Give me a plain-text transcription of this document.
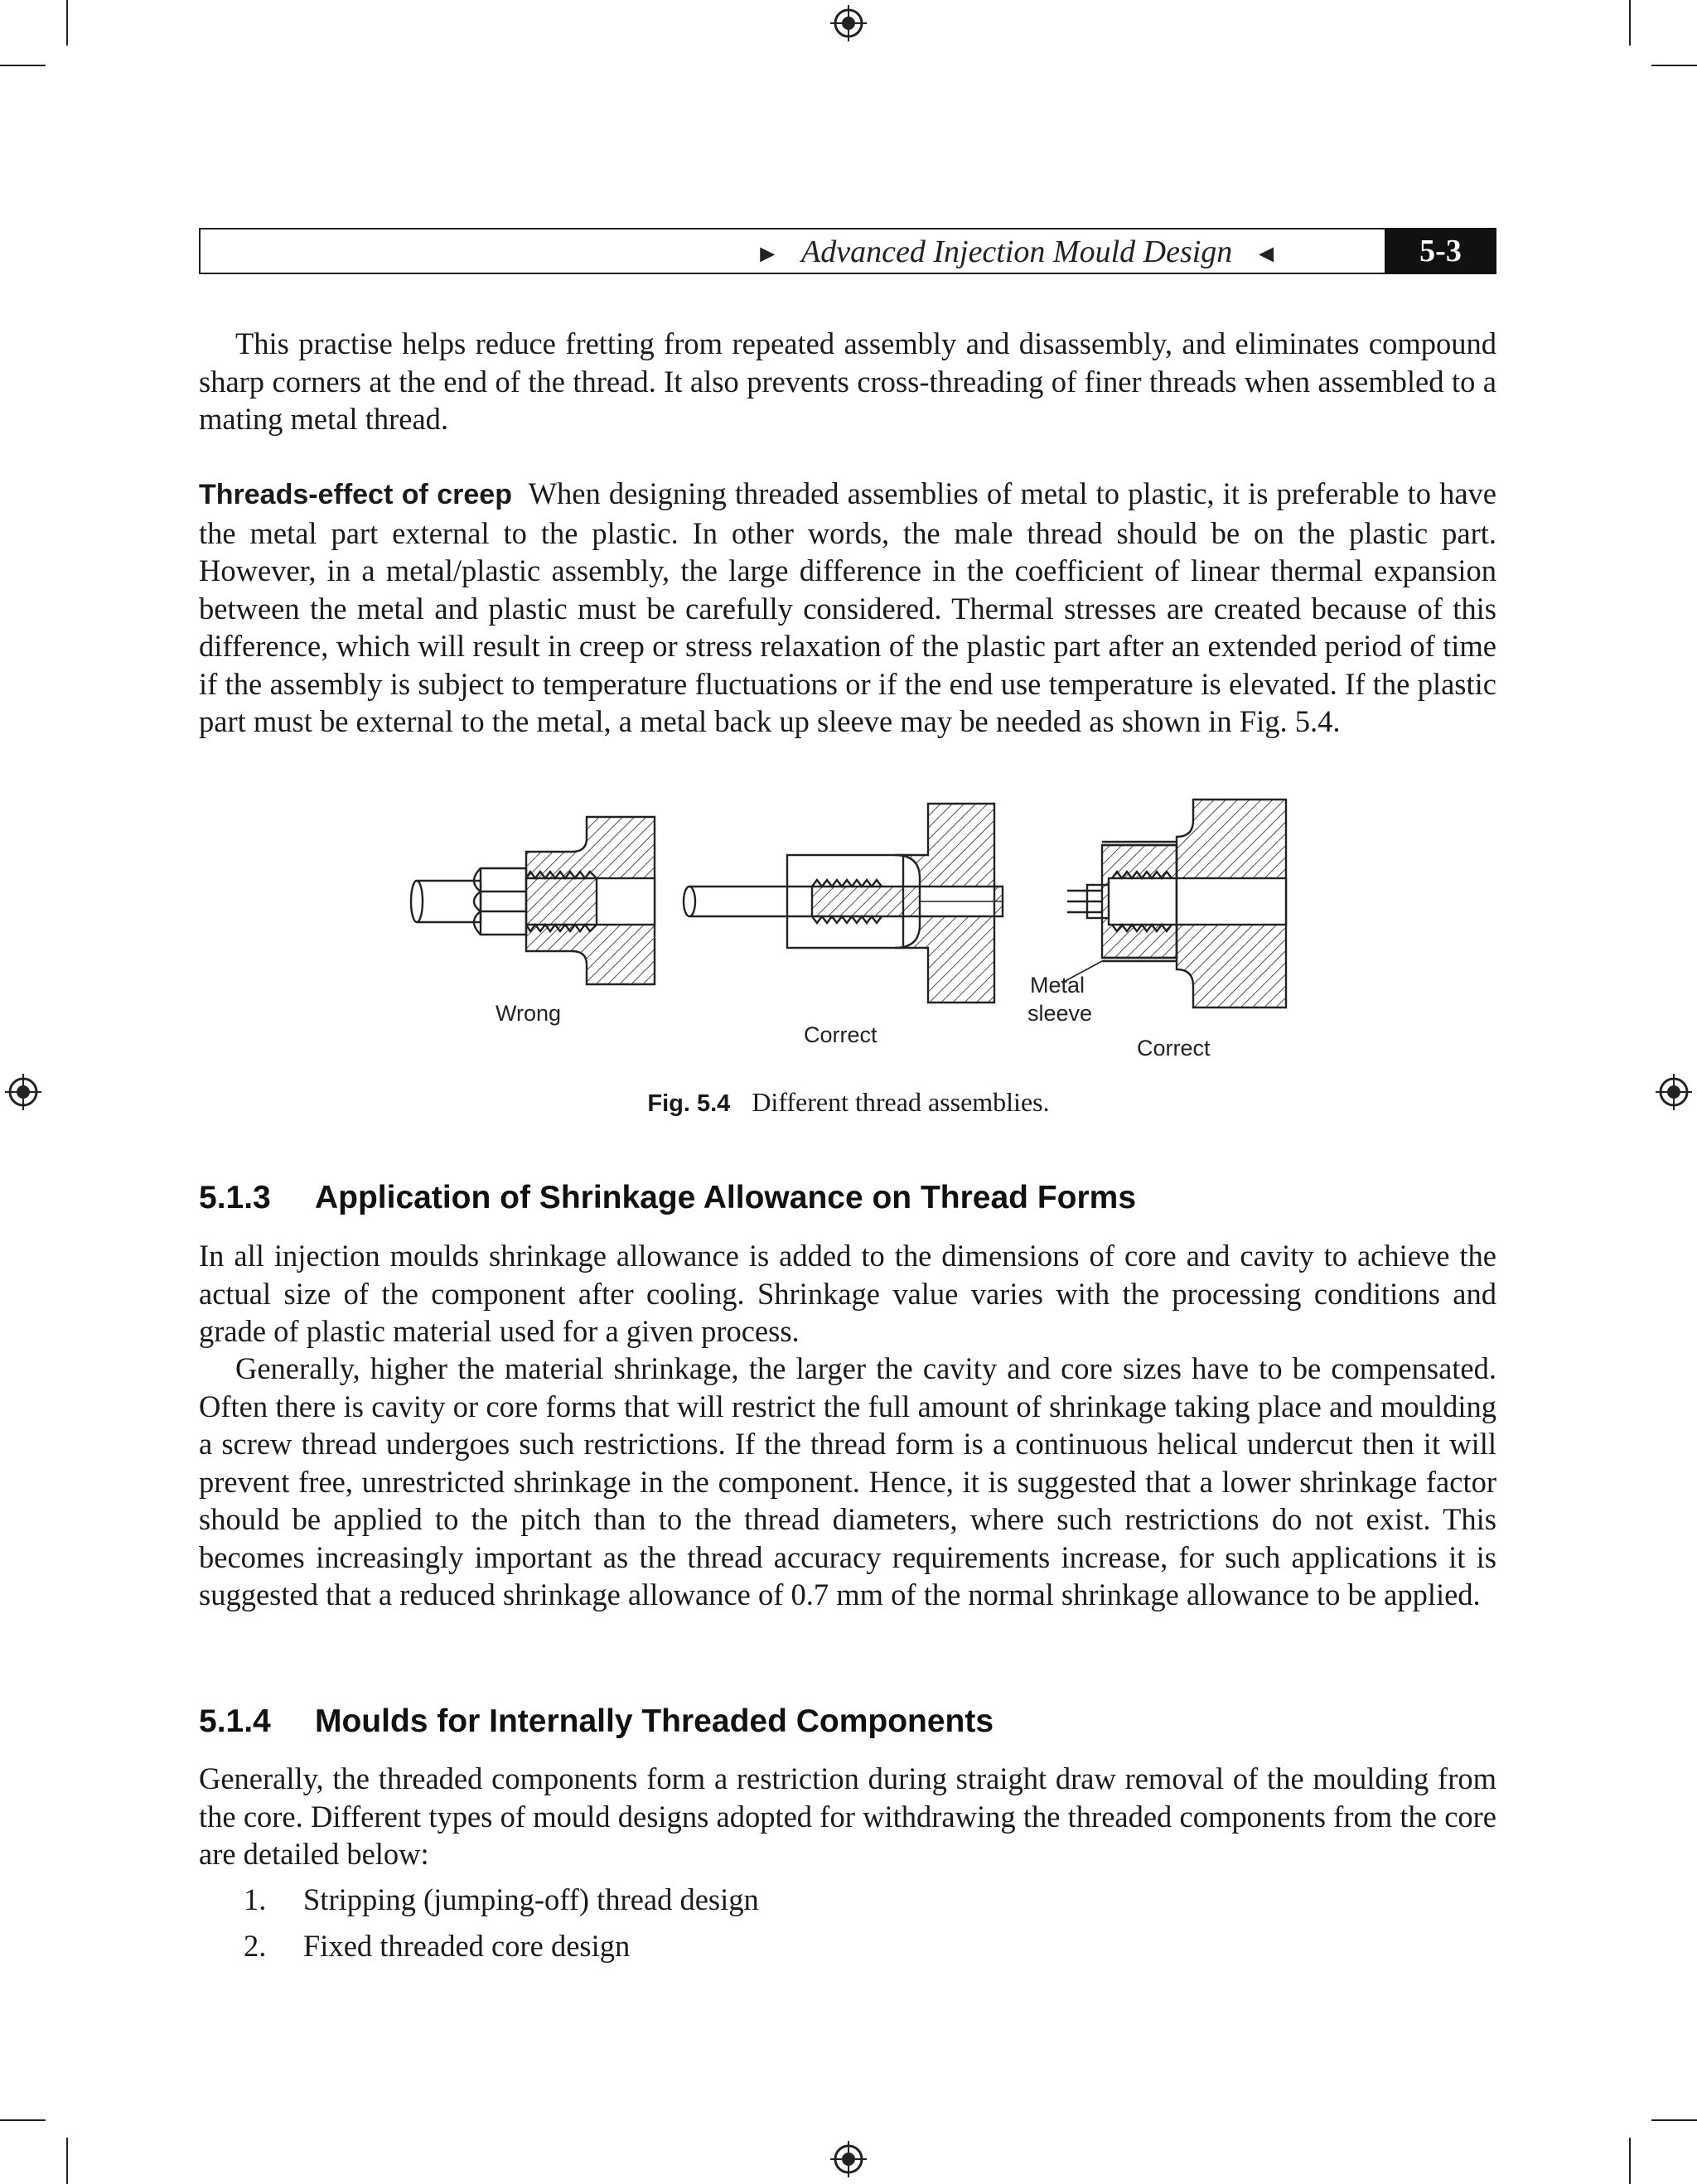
► Advanced Injection Mould Design ◄	5-3

This practise helps reduce fretting from repeated assembly and disassembly, and eliminates compound sharp corners at the end of the thread. It also prevents cross-threading of finer threads when assembled to a mating metal thread.

Threads-effect of creep When designing threaded assemblies of metal to plastic, it is preferable to have the metal part external to the plastic. In other words, the male thread should be on the plastic part. However, in a metal/plastic assembly, the large difference in the coefficient of linear thermal expansion between the metal and plastic must be carefully considered. Thermal stresses are created because of this difference, which will result in creep or stress relaxation of the plastic part after an extended period of time if the assembly is subject to temperature fluctuations or if the end use temperature is elevated. If the plastic part must be external to the metal, a metal back up sleeve may be needed as shown in Fig. 5.4.

Wrong
Correct
Metal
sleeve
Correct
Fig. 5.4 Different thread assemblies.
5.1.3 Application of Shrinkage Allowance on Thread Forms

In all injection moulds shrinkage allowance is added to the dimensions of core and cavity to achieve the actual size of the component after cooling. Shrinkage value varies with the processing conditions and grade of plastic material used for a given process.

Generally, higher the material shrinkage, the larger the cavity and core sizes have to be compensated. Often there is cavity or core forms that will restrict the full amount of shrinkage taking place and moulding a screw thread undergoes such restrictions. If the thread form is a continuous helical undercut then it will prevent free, unrestricted shrinkage in the component. Hence, it is suggested that a lower shrinkage factor should be applied to the pitch than to the thread diameters, where such restrictions do not exist. This becomes increasingly important as the thread accuracy requirements increase, for such applications it is suggested that a reduced shrinkage allowance of 0.7 mm of the normal shrinkage allowance to be applied.

5.1.4 Moulds for Internally Threaded Components

Generally, the threaded components form a restriction during straight draw removal of the moulding from the core. Different types of mould designs adopted for withdrawing the threaded components from the core are detailed below:

1. Stripping (jumping-off) thread design
2. Fixed threaded core design
